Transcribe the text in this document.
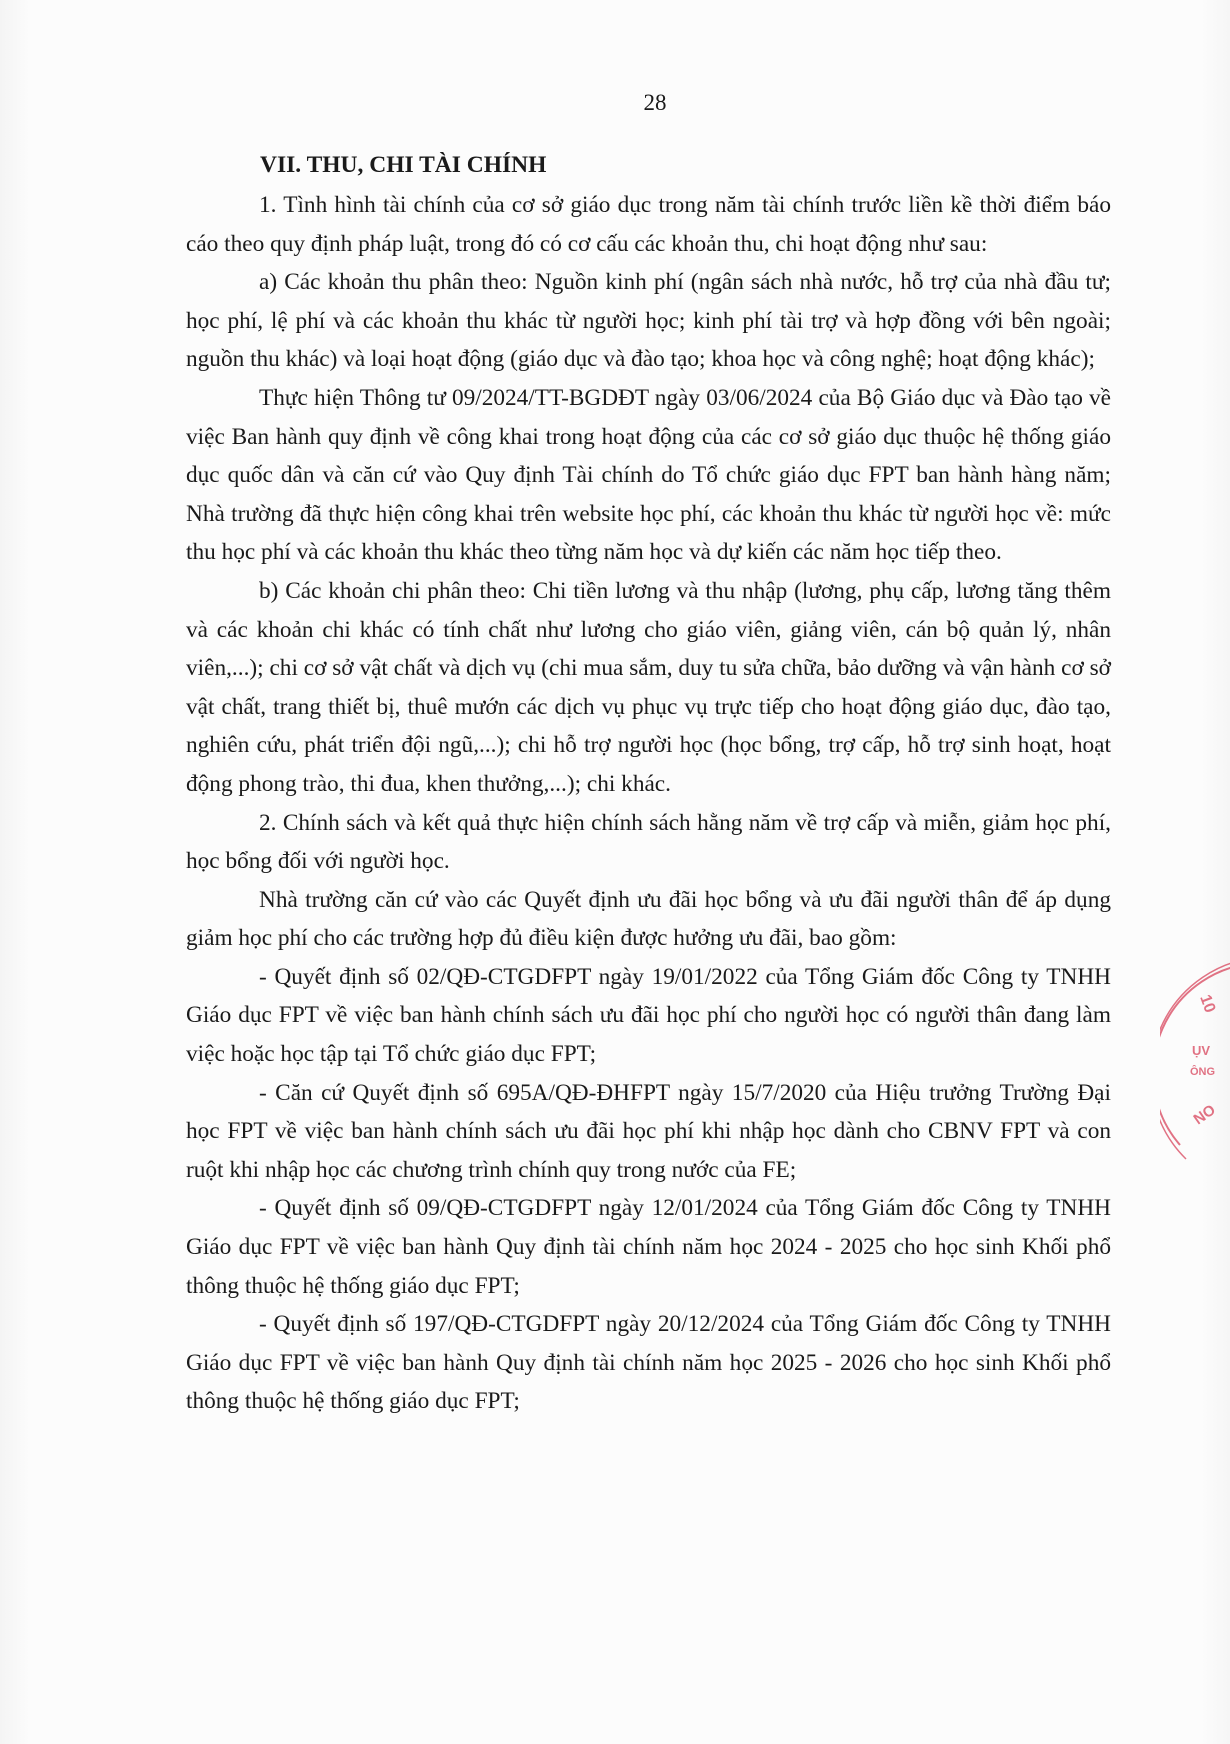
28

VII. THU, CHI TÀI CHÍNH

1. Tình hình tài chính của cơ sở giáo dục trong năm tài chính trước liền kề thời điểm báo cáo theo quy định pháp luật, trong đó có cơ cấu các khoản thu, chi hoạt động như sau:

a) Các khoản thu phân theo: Nguồn kinh phí (ngân sách nhà nước, hỗ trợ của nhà đầu tư; học phí, lệ phí và các khoản thu khác từ người học; kinh phí tài trợ và hợp đồng với bên ngoài; nguồn thu khác) và loại hoạt động (giáo dục và đào tạo; khoa học và công nghệ; hoạt động khác);

Thực hiện Thông tư 09/2024/TT-BGDĐT ngày 03/06/2024 của Bộ Giáo dục và Đào tạo về việc Ban hành quy định về công khai trong hoạt động của các cơ sở giáo dục thuộc hệ thống giáo dục quốc dân và căn cứ vào Quy định Tài chính do Tổ chức giáo dục FPT ban hành hàng năm; Nhà trường đã thực hiện công khai trên website học phí, các khoản thu khác từ người học về: mức thu học phí và các khoản thu khác theo từng năm học và dự kiến các năm học tiếp theo.

b) Các khoản chi phân theo: Chi tiền lương và thu nhập (lương, phụ cấp, lương tăng thêm và các khoản chi khác có tính chất như lương cho giáo viên, giảng viên, cán bộ quản lý, nhân viên,...); chi cơ sở vật chất và dịch vụ (chi mua sắm, duy tu sửa chữa, bảo dưỡng và vận hành cơ sở vật chất, trang thiết bị, thuê mướn các dịch vụ phục vụ trực tiếp cho hoạt động giáo dục, đào tạo, nghiên cứu, phát triển đội ngũ,...); chi hỗ trợ người học (học bổng, trợ cấp, hỗ trợ sinh hoạt, hoạt động phong trào, thi đua, khen thưởng,...); chi khác.

2. Chính sách và kết quả thực hiện chính sách hằng năm về trợ cấp và miễn, giảm học phí, học bổng đối với người học.

Nhà trường căn cứ vào các Quyết định ưu đãi học bổng và ưu đãi người thân để áp dụng giảm học phí cho các trường hợp đủ điều kiện được hưởng ưu đãi, bao gồm:

- Quyết định số 02/QĐ-CTGDFPT ngày 19/01/2022 của Tổng Giám đốc Công ty TNHH Giáo dục FPT về việc ban hành chính sách ưu đãi học phí cho người học có người thân đang làm việc hoặc học tập tại Tổ chức giáo dục FPT;

- Căn cứ Quyết định số 695A/QĐ-ĐHFPT ngày 15/7/2020 của Hiệu trưởng Trường Đại học FPT về việc ban hành chính sách ưu đãi học phí khi nhập học dành cho CBNV FPT và con ruột khi nhập học các chương trình chính quy trong nước của FE;

- Quyết định số 09/QĐ-CTGDFPT ngày 12/01/2024 của Tổng Giám đốc Công ty TNHH Giáo dục FPT về việc ban hành Quy định tài chính năm học 2024 - 2025 cho học sinh Khối phổ thông thuộc hệ thống giáo dục FPT;

- Quyết định số 197/QĐ-CTGDFPT ngày 20/12/2024 của Tổng Giám đốc Công ty TNHH Giáo dục FPT về việc ban hành Quy định tài chính năm học 2025 - 2026 cho học sinh Khối phổ thông thuộc hệ thống giáo dục FPT;

10
ỤV
ÔNG
NO
